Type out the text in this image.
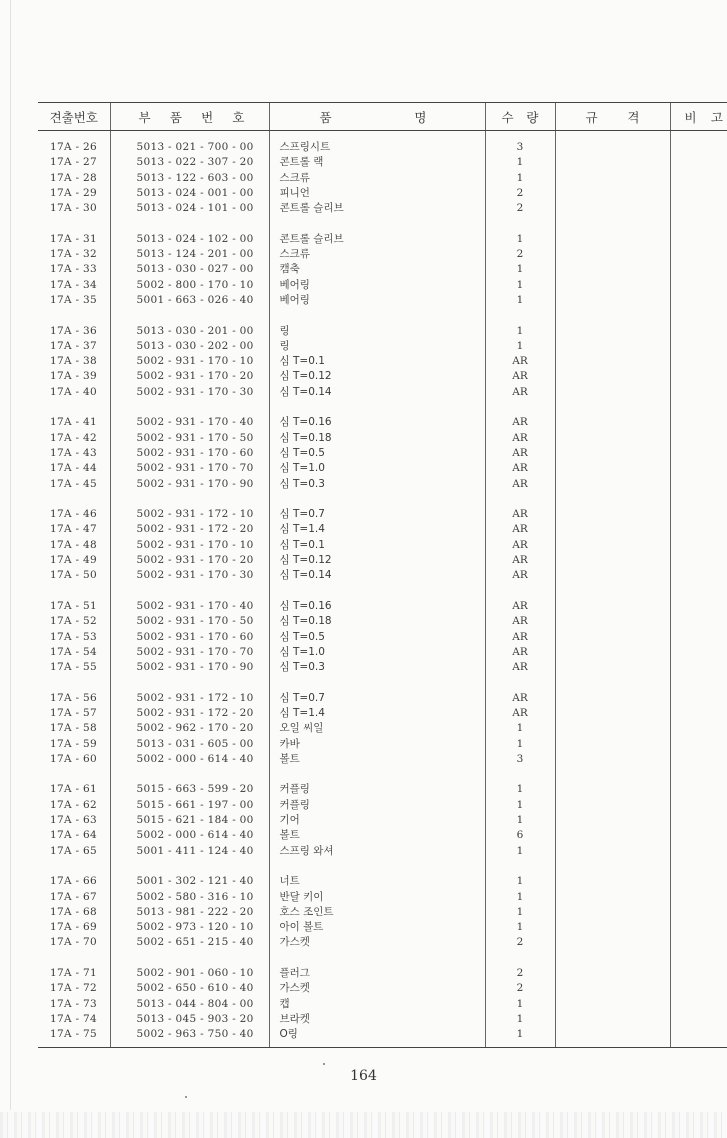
견출번호	부 품 번 호	품 명	수 량	규 격	비 고

17A - 26	5013 - 021 - 700 - 00	스프링시트	3		
17A - 27	5013 - 022 - 307 - 20	콘트롤 랙	1		
17A - 28	5013 - 122 - 603 - 00	스크류	1		
17A - 29	5013 - 024 - 001 - 00	피니언	2		
17A - 30	5013 - 024 - 101 - 00	콘트롤 슬리브	2		

17A - 31	5013 - 024 - 102 - 00	콘트롤 슬리브	1		
17A - 32	5013 - 124 - 201 - 00	스크류	2		
17A - 33	5013 - 030 - 027 - 00	캠축	1		
17A - 34	5002 - 800 - 170 - 10	베어링	1		
17A - 35	5001 - 663 - 026 - 40	베어링	1		

17A - 36	5013 - 030 - 201 - 00	링	1		
17A - 37	5013 - 030 - 202 - 00	링	1		
17A - 38	5002 - 931 - 170 - 10	심 T=0.1	AR		
17A - 39	5002 - 931 - 170 - 20	심 T=0.12	AR		
17A - 40	5002 - 931 - 170 - 30	심 T=0.14	AR		

17A - 41	5002 - 931 - 170 - 40	심 T=0.16	AR		
17A - 42	5002 - 931 - 170 - 50	심 T=0.18	AR		
17A - 43	5002 - 931 - 170 - 60	심 T=0.5	AR		
17A - 44	5002 - 931 - 170 - 70	심 T=1.0	AR		
17A - 45	5002 - 931 - 170 - 90	심 T=0.3	AR		

17A - 46	5002 - 931 - 172 - 10	심 T=0.7	AR		
17A - 47	5002 - 931 - 172 - 20	심 T=1.4	AR		
17A - 48	5002 - 931 - 170 - 10	심 T=0.1	AR		
17A - 49	5002 - 931 - 170 - 20	심 T=0.12	AR		
17A - 50	5002 - 931 - 170 - 30	심 T=0.14	AR		

17A - 51	5002 - 931 - 170 - 40	심 T=0.16	AR		
17A - 52	5002 - 931 - 170 - 50	심 T=0.18	AR		
17A - 53	5002 - 931 - 170 - 60	심 T=0.5	AR		
17A - 54	5002 - 931 - 170 - 70	심 T=1.0	AR		
17A - 55	5002 - 931 - 170 - 90	심 T=0.3	AR		

17A - 56	5002 - 931 - 172 - 10	심 T=0.7	AR		
17A - 57	5002 - 931 - 172 - 20	심 T=1.4	AR		
17A - 58	5002 - 962 - 170 - 20	오일 씨일	1		
17A - 59	5013 - 031 - 605 - 00	카바	1		
17A - 60	5002 - 000 - 614 - 40	볼트	3		

17A - 61	5015 - 663 - 599 - 20	커플링	1		
17A - 62	5015 - 661 - 197 - 00	커플링	1		
17A - 63	5015 - 621 - 184 - 00	기어	1		
17A - 64	5002 - 000 - 614 - 40	볼트	6		
17A - 65	5001 - 411 - 124 - 40	스프링 와셔	1		

17A - 66	5001 - 302 - 121 - 40	너트	1		
17A - 67	5002 - 580 - 316 - 10	반달 키이	1		
17A - 68	5013 - 981 - 222 - 20	호스 조인트	1		
17A - 69	5002 - 973 - 120 - 10	아이 볼트	1		
17A - 70	5002 - 651 - 215 - 40	가스켓	2		

17A - 71	5002 - 901 - 060 - 10	플러그	2		
17A - 72	5002 - 650 - 610 - 40	가스켓	2		
17A - 73	5013 - 044 - 804 - 00	캡	1		
17A - 74	5013 - 045 - 903 - 20	브라켓	1		
17A - 75	5002 - 963 - 750 - 40	O링	1		
164
